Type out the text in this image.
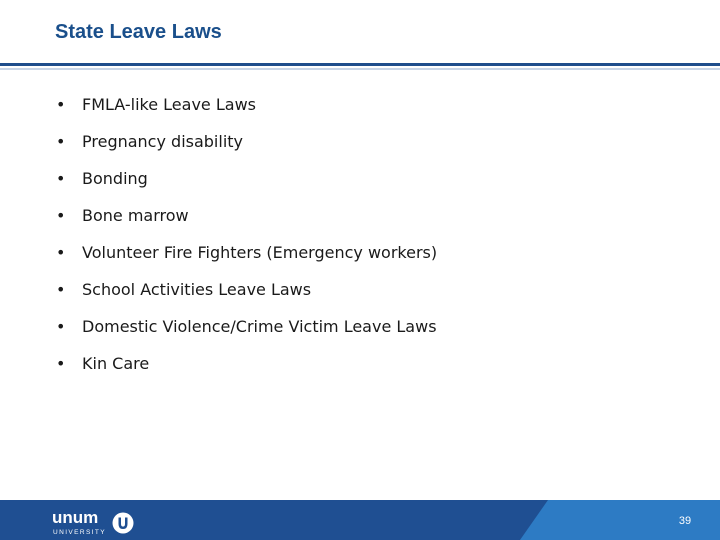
State Leave Laws
• FMLA-like Leave Laws
• Pregnancy disability
• Bonding
• Bone marrow
• Volunteer Fire Fighters (Emergency workers)
• School Activities Leave Laws
• Domestic Violence/Crime Victim Leave Laws
• Kin Care
unum
UNIVERSITY
39
